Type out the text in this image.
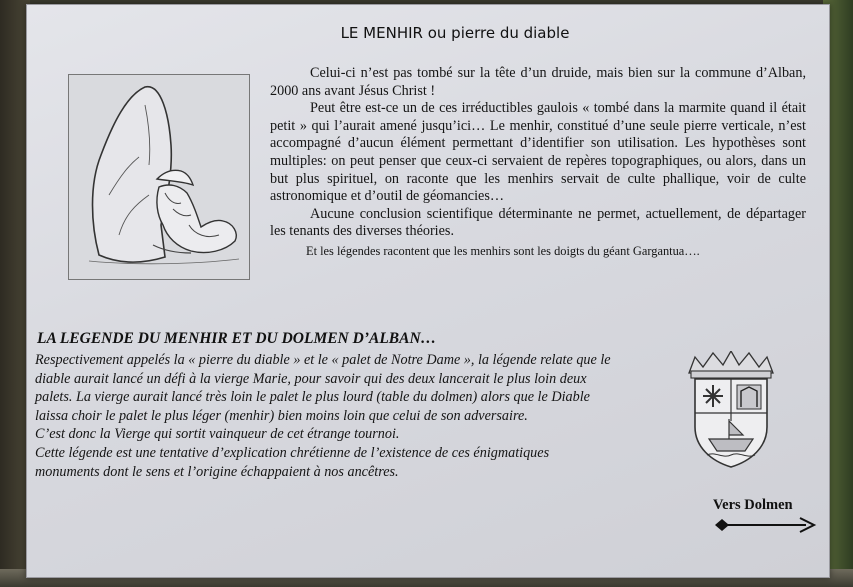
LE MENHIR ou pierre du diable

Celui-ci n’est pas tombé sur la tête d’un druide, mais bien sur la commune d’Alban, 2000 ans avant Jésus Christ !

Peut être est-ce un de ces irréductibles gaulois « tombé dans la marmite quand il était petit » qui l’aurait amené jusqu’ici… Le menhir, constitué d’une seule pierre verticale, n’est accompagné d’aucun élément permettant d’identifier son utilisation. Les hypothèses sont multiples: on peut penser que ceux-ci servaient de repères topographiques, ou alors, dans un but plus spirituel, on raconte que les menhirs servait de culte phallique, voir de culte astronomique et d’outil de géomancies…

Aucune conclusion scientifique déterminante ne permet, actuellement, de départager les tenants des diverses théories.

Et les légendes racontent que les menhirs sont les doigts du géant Gargantua….

LA LEGENDE DU MENHIR ET DU DOLMEN D’ALBAN…

Respectivement appelés la « pierre du diable » et le « palet de Notre Dame », la légende relate que le diable aurait lancé un défi à la vierge Marie, pour savoir qui des deux lancerait le plus loin deux palets. La vierge aurait lancé très loin le palet le plus lourd (table du dolmen) alors que le Diable laissa choir le palet le plus léger (menhir) bien moins loin que celui de son adversaire.

C’est donc la Vierge qui sortit vainqueur de cet étrange tournoi.

Cette légende est une tentative d’explication chrétienne de l’existence de ces énigmatiques monuments dont le sens et l’origine échappaient à nos ancêtres.

Vers Dolmen
